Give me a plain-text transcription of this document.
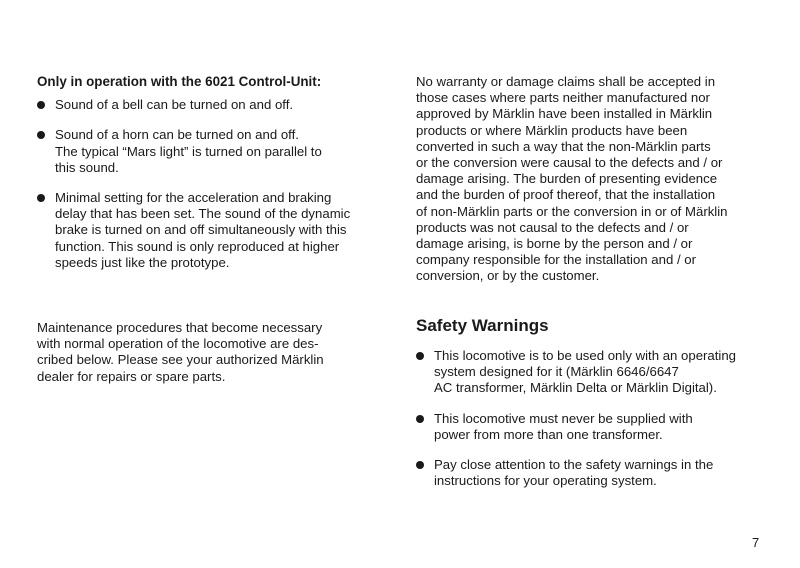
Only in operation with the 6021 Control-Unit:
Sound of a bell can be turned on and off.
Sound of a horn can be turned on and off.
The typical “Mars light” is turned on parallel to
this sound.
Minimal setting for the acceleration and braking
delay that has been set. The sound of the dynamic
brake is turned on and off simultaneously with this
function. This sound is only reproduced at higher
speeds just like the prototype.
Maintenance procedures that become necessary
with normal operation of the locomotive are des-
cribed below. Please see your authorized Märklin
dealer for repairs or spare parts.
No warranty or damage claims shall be accepted in
those cases where parts neither manufactured nor
approved by Märklin have been installed in Märklin
products or where Märklin products have been
converted in such a way that the non-Märklin parts
or the conversion were causal to the defects and / or
damage arising. The burden of presenting evidence
and the burden of proof thereof, that the installation
of non-Märklin parts or the conversion in or of Märklin
products was not causal to the defects and / or
damage arising, is borne by the person and / or
company responsible for the installation and / or
conversion, or by the customer.
Safety Warnings
This locomotive is to be used only with an operating
system designed for it (Märklin 6646/6647
AC transformer, Märklin Delta or Märklin Digital).
This locomotive must never be supplied with
power from more than one transformer.
Pay close attention to the safety warnings in the
instructions for your operating system.
7
